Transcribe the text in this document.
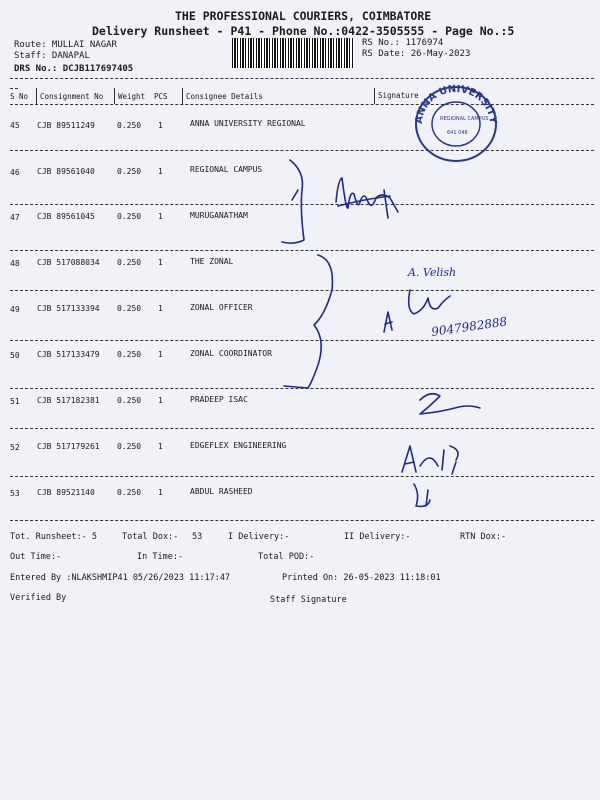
THE PROFESSIONAL COURIERS, COIMBATORE
Delivery Runsheet - P41 - Phone No.:0422-3505555 - Page No.:5
Route: MULLAI NAGAR
Staff: DANAPAL
DRS No.: DCJB117697405
RS No.: 1176974
RS Date: 26-May-2023
S No Consignment No Weight PCS Consignee Details	Signature
45 CJB 89511249	0.250 1	ANNA UNIVERSITY REGIONAL
46 CJB 89561040	0.250 1	REGIONAL CAMPUS
47 CJB 89561045	0.250 1	MURUGANATHAM
48 CJB 517088034 0.250 1	THE ZONAL
49 CJB 517133394 0.250 1	ZONAL OFFICER
50 CJB 517133479 0.250 1	ZONAL COORDINATOR
51 CJB 517182381 0.250 1	PRADEEP ISAC
52 CJB 517179261 0.250 1	EDGEFLEX ENGINEERING
53 CJB 89521140	0.250 1	ABDUL RASHEED
ANNA UNIVERSITY
REGIONAL CAMPUS
641 046
9047982888
A. Velish
Tot. Runsheet:- 5	Total Dox:- 53	I Delivery:-	II Delivery:-	RTN Dox:-
Out Time:-	In Time:-	Total POD:-
Entered By :NLAKSHMIP41 05/26/2023 11:17:47	Printed On: 26-05-2023 11:18:01
Verified By	Staff Signature
